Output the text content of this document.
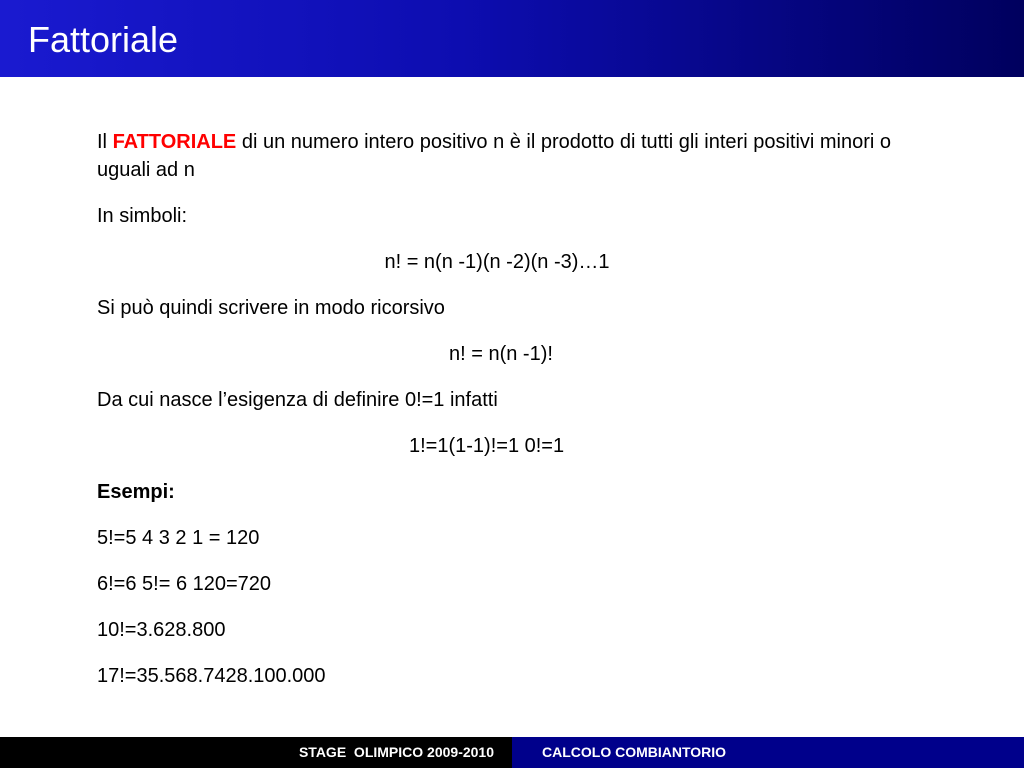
Fattoriale

Il FATTORIALE di un numero intero positivo n è il prodotto di tutti gli interi positivi minori o uguali ad n

In simboli:

n! = n(n -1)(n -2)(n -3)…1

Si può quindi scrivere in modo ricorsivo

n! = n(n -1)!

Da cui nasce l’esigenza di definire 0!=1 infatti

1!=1(1-1)!=1 0!=1

Esempi:

5!=5 4 3 2 1 = 120

6!=6 5!= 6 120=720

10!=3.628.800

17!=35.568.7428.100.000

STAGE  OLIMPICO 2009-2010	CALCOLO COMBIANTORIO
